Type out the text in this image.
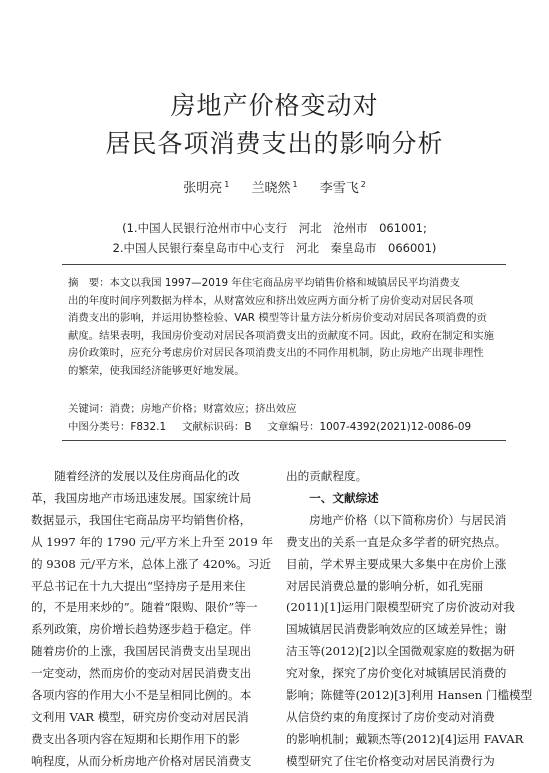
房地产价格变动对
居民各项消费支出的影响分析
张明亮 $^1$ 兰晓然 $^1$ 李雪飞 $^2$
(1.中国人民银行沧州市中心支行　河北　沧州市　061001;
2.中国人民银行秦皇岛市中心支行　河北　秦皇岛市　066001)
摘　要：本文以我国 1997—2019 年住宅商品房平均销售价格和城镇居民平均消费支
出的年度时间序列数据为样本，从财富效应和挤出效应两方面分析了房价变动对居民各项
消费支出的影响，并运用协整检验、VAR 模型等计量方法分析房价变动对居民各项消费的贡
献度。结果表明，我国房价变动对居民各项消费支出的贡献度不同。因此，政府在制定和实施
房价政策时，应充分考虑房价对居民各项消费支出的不同作用机制，防止房地产出现非理性
的繁荣，使我国经济能够更好地发展。
关键词：消费；房地产价格；财富效应；挤出效应
中图分类号：F832.1 文献标识码：B 文章编号：1007-4392(2021)12-0086-09
　　随着经济的发展以及住房商品化的改
革，我国房地产市场迅速发展。国家统计局
数据显示，我国住宅商品房平均销售价格，
从 1997 年的 1790 元/平方米上升至 2019 年
的 9308 元/平方米，总体上涨了 420%。习近
平总书记在十九大提出“坚持房子是用来住
的，不是用来炒的”。随着“限购、限价”等一
系列政策，房价增长趋势逐步趋于稳定。伴
随着房价的上涨，我国居民消费支出呈现出
一定变动，然而房价的变动对居民消费支出
各项内容的作用大小不是呈相同比例的。本
文利用 VAR 模型，研究房价变动对居民消
费支出各项内容在短期和长期作用下的影
响程度，从而分析房地产价格对居民消费支
出的贡献程度。
　　一、文献综述
　　房地产价格（以下简称房价）与居民消
费支出的关系一直是众多学者的研究热点。
目前，学术界主要成果大多集中在房价上涨
对居民消费总量的影响分析，如孔宪丽
(2011)[1]运用门限模型研究了房价波动对我
国城镇居民消费影响效应的区域差异性；谢
洁玉等(2012)[2]以全国微观家庭的数据为研
究对象，探究了房价变化对城镇居民消费的
影响；陈健等(2012)[3]利用 Hansen 门槛模型
从信贷约束的角度探讨了房价变动对消费
的影响机制；戴颖杰等(2012)[4]运用 FAVAR
模型研究了住宅价格变动对居民消费行为
